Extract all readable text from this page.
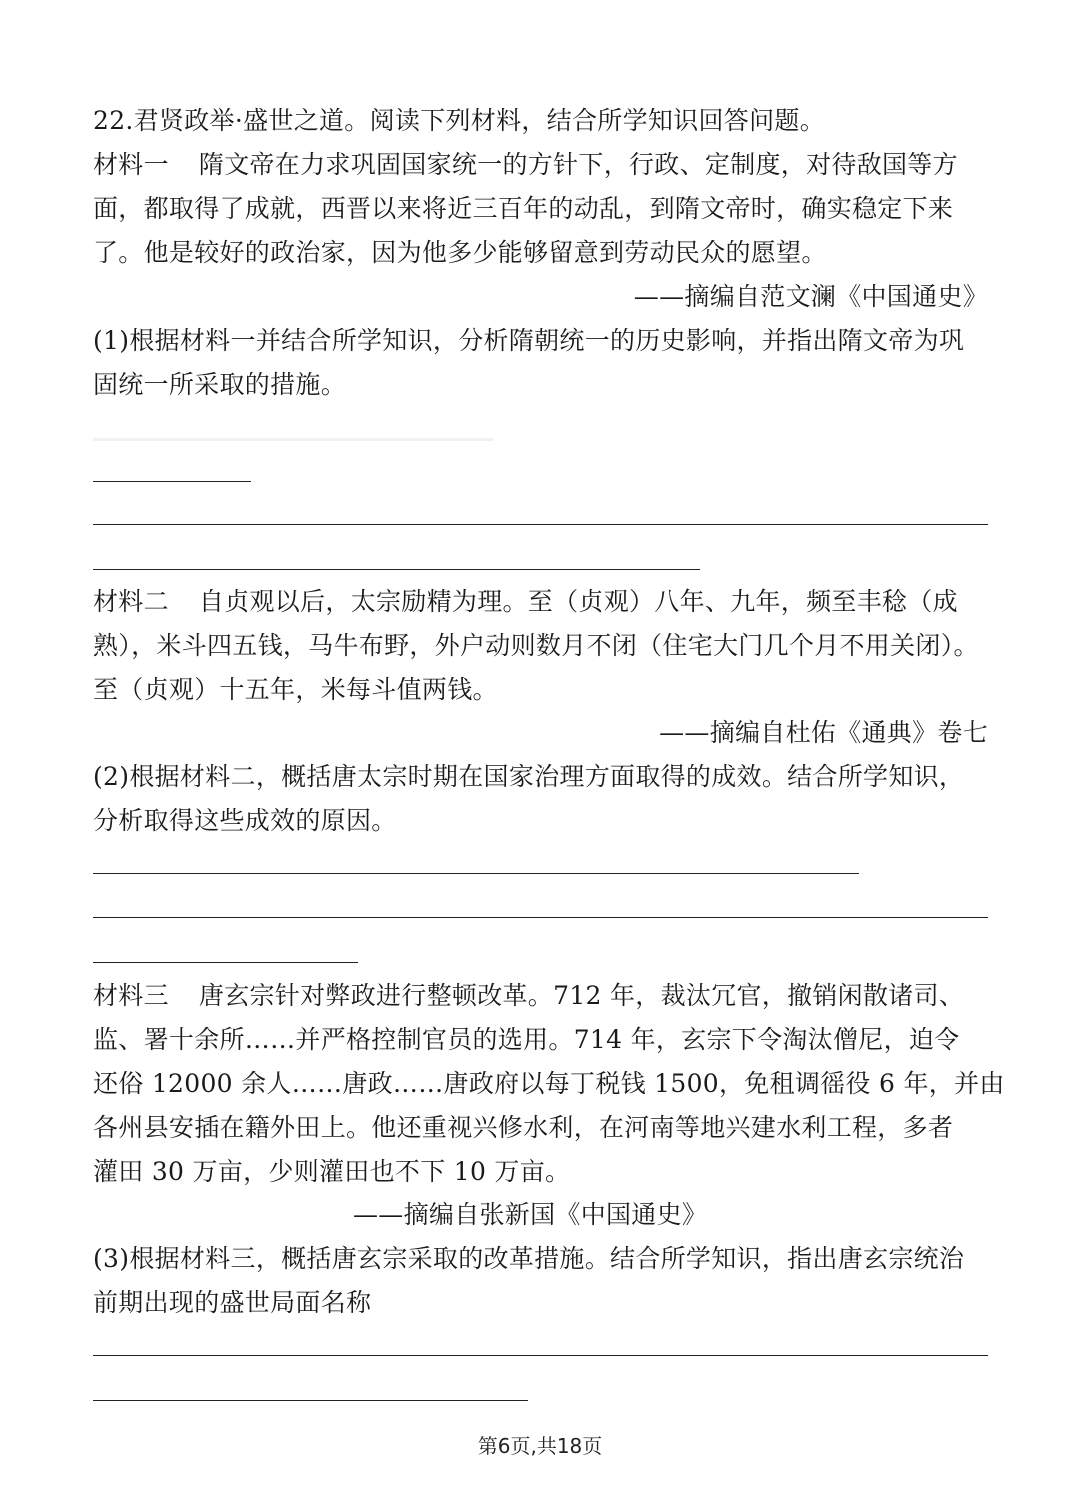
22.君贤政举·盛世之道。阅读下列材料，结合所学知识回答问题。
材料一 隋文帝在力求巩固国家统一的方针下，行政、定制度，对待敌国等方
面，都取得了成就，西晋以来将近三百年的动乱，到隋文帝时，确实稳定下来
了。他是较好的政治家，因为他多少能够留意到劳动民众的愿望。
——摘编自范文澜《中国通史》
(1)根据材料一并结合所学知识，分析隋朝统一的历史影响，并指出隋文帝为巩
固统一所采取的措施。
材料二 自贞观以后，太宗励精为理。至（贞观）八年、九年，频至丰稔（成
熟），米斗四五钱，马牛布野，外户动则数月不闭（住宅大门几个月不用关闭）。
至（贞观）十五年，米每斗值两钱。
——摘编自杜佑《通典》卷七
(2)根据材料二，概括唐太宗时期在国家治理方面取得的成效。结合所学知识，
分析取得这些成效的原因。
材料三 唐玄宗针对弊政进行整顿改革。712 年，裁汰冗官，撤销闲散诸司、
监、署十余所……并严格控制官员的选用。714 年，玄宗下令淘汰僧尼，迫令
还俗 12000 余人……唐政……唐政府以每丁税钱 1500，免租调徭役 6 年，并由
各州县安插在籍外田上。他还重视兴修水利，在河南等地兴建水利工程，多者
灌田 30 万亩，少则灌田也不下 10 万亩。
——摘编自张新国《中国通史》
(3)根据材料三，概括唐玄宗采取的改革措施。结合所学知识，指出唐玄宗统治
前期出现的盛世局面名称
第6页,共18页
